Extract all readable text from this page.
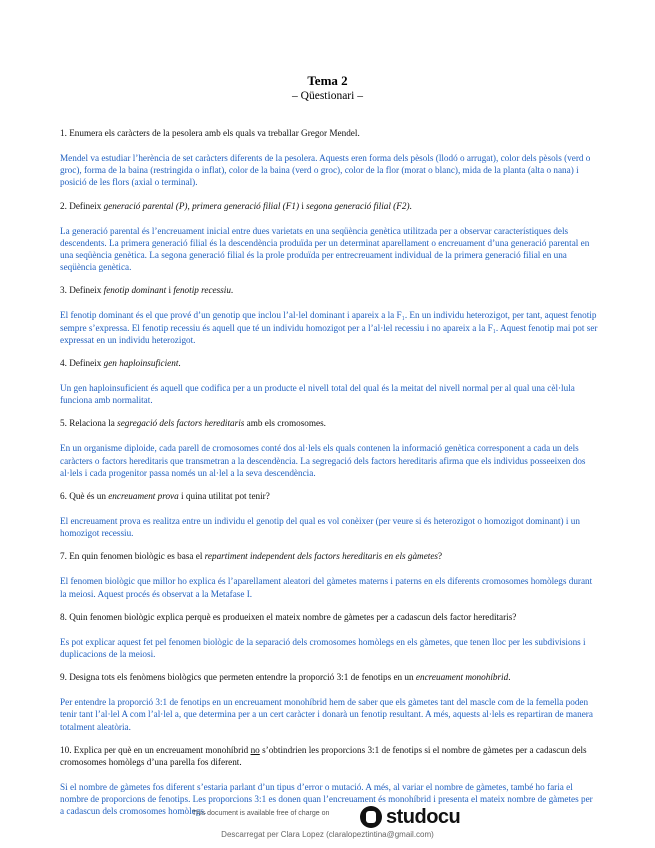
Tema 2
– Qüestionari –

1. Enumera els caràcters de la pesolera amb els quals va treballar Gregor Mendel.

Mendel va estudiar l’herència de set caràcters diferents de la pesolera. Aquests eren forma dels pèsols (llodó o arrugat), color dels pèsols (verd o groc), forma de la baina (restringida o inflat), color de la baina (verd o groc), color de la flor (morat o blanc), mida de la planta (alta o nana) i posició de les flors (axial o terminal).

2. Defineix generació parental (P), primera generació filial (F1) i segona generació filial (F2).

La generació parental és l’encreuament inicial entre dues varietats en una seqüència genètica utilitzada per a observar característiques dels descendents. La primera generació filial és la descendència produïda per un determinat aparellament o encreuament d’una generació parental en una seqüència genètica. La segona generació filial és la prole produïda per entrecreuament individual de la primera generació filial en una seqüència genètica.

3. Defineix fenotip dominant i fenotip recessiu.

El fenotip dominant és el que prové d’un genotip que inclou l’al·lel dominant i apareix a la F₁. En un individu heterozigot, per tant, aquest fenotip sempre s’expressa. El fenotip recessiu és aquell que té un individu homozigot per a l’al·lel recessiu i no apareix a la F₁. Aquest fenotip mai pot ser expressat en un individu heterozigot.

4. Defineix gen haploinsuficient.

Un gen haploinsuficient és aquell que codifica per a un producte el nivell total del qual és la meitat del nivell normal per al qual una cèl·lula funciona amb normalitat.

5. Relaciona la segregació dels factors hereditaris amb els cromosomes.

En un organisme diploide, cada parell de cromosomes conté dos al·lels els quals contenen la informació genètica corresponent a cada un dels caràcters o factors hereditaris que transmetran a la descendència. La segregació dels factors hereditaris afirma que els individus posseeixen dos al·lels i cada progenitor passa només un al·lel a la seva descendència.

6. Què és un encreuament prova i quina utilitat pot tenir?

El encreuament prova es realitza entre un individu el genotip del qual es vol conèixer (per veure si és heterozigot o homozigot dominant) i un homozigot recessiu.

7. En quin fenomen biològic es basa el repartiment independent dels factors hereditaris en els gàmetes?

El fenomen biològic que millor ho explica és l’aparellament aleatori del gàmetes materns i paterns en els diferents cromosomes homòlegs durant la meiosi. Aquest procés és observat a la Metafase I.

8. Quin fenomen biològic explica perquè es produeixen el mateix nombre de gàmetes per a cadascun dels factor hereditaris?

Es pot explicar aquest fet pel fenomen biològic de la separació dels cromosomes homòlegs en els gàmetes, que tenen lloc per les subdivisions i duplicacions de la meiosi.

9. Designa tots els fenòmens biològics que permeten entendre la proporció 3:1 de fenotips en un encreuament monohíbrid.

Per entendre la proporció 3:1 de fenotips en un encreuament monohíbrid hem de saber que els gàmetes tant del mascle com de la femella poden tenir tant l’al·lel A com l’al·lel a, que determina per a un cert caràcter i donarà un fenotip resultant. A més, aquests al·lels es repartiran de manera totalment aleatòria.

10. Explica per què en un encreuament monohíbrid no s’obtindrien les proporcions 3:1 de fenotips si el nombre de gàmetes per a cadascun dels cromosomes homòlegs d’una parella fos diferent.

Si el nombre de gàmetes fos diferent s’estaria parlant d’un tipus d’error o mutació. A més, al variar el nombre de gàmetes, també ho faria el nombre de proporcions de fenotips. Les proporcions 3:1 es donen quan l’encreuament és monohíbrid i presenta el mateix nombre de gàmetes per a cadascun dels cromosomes homòlegs.

This document is available free of charge on	studocu
Descarregat per Clara Lopez (claralopeztintina@gmail.com)
